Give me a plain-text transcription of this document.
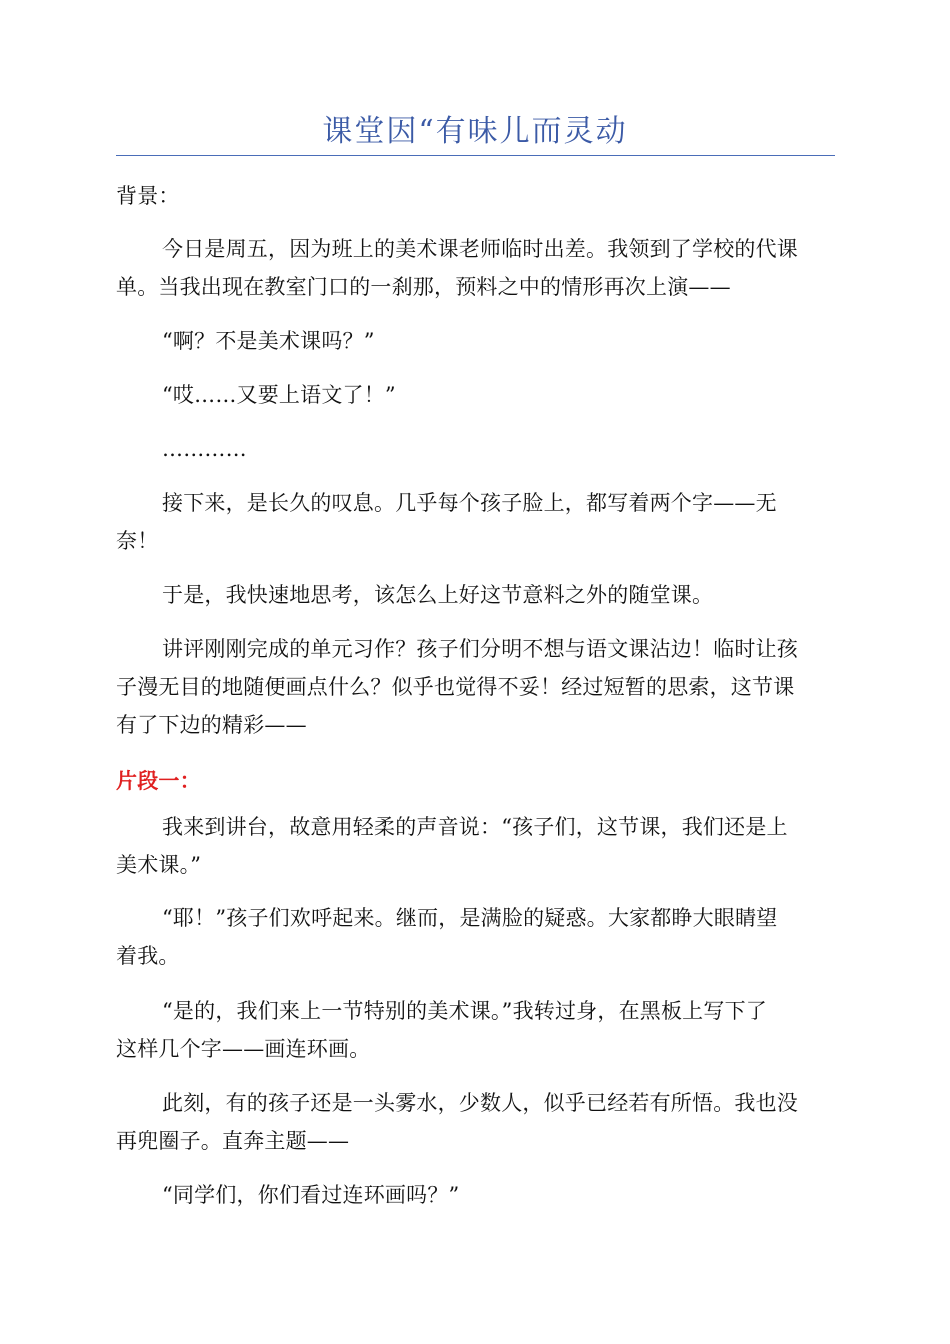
课堂因“有味儿而灵动
背景：
今日是周五，因为班上的美术课老师临时出差。我领到了学校的代课
单。当我出现在教室门口的一刹那，预料之中的情形再次上演——
“啊？不是美术课吗？”
“哎……又要上语文了！”
…………
接下来，是长久的叹息。几乎每个孩子脸上，都写着两个字——无
奈！
于是，我快速地思考，该怎么上好这节意料之外的随堂课。
讲评刚刚完成的单元习作？孩子们分明不想与语文课沾边！临时让孩
子漫无目的地随便画点什么？似乎也觉得不妥！经过短暂的思索，这节课
有了下边的精彩——
片段一：
我来到讲台，故意用轻柔的声音说：“孩子们，这节课，我们还是上
美术课。”
“耶！”孩子们欢呼起来。继而，是满脸的疑惑。大家都睁大眼睛望
着我。
“是的，我们来上一节特别的美术课。”我转过身，在黑板上写下了
这样几个字——画连环画。
此刻，有的孩子还是一头雾水，少数人，似乎已经若有所悟。我也没
再兜圈子。直奔主题——
“同学们，你们看过连环画吗？”
